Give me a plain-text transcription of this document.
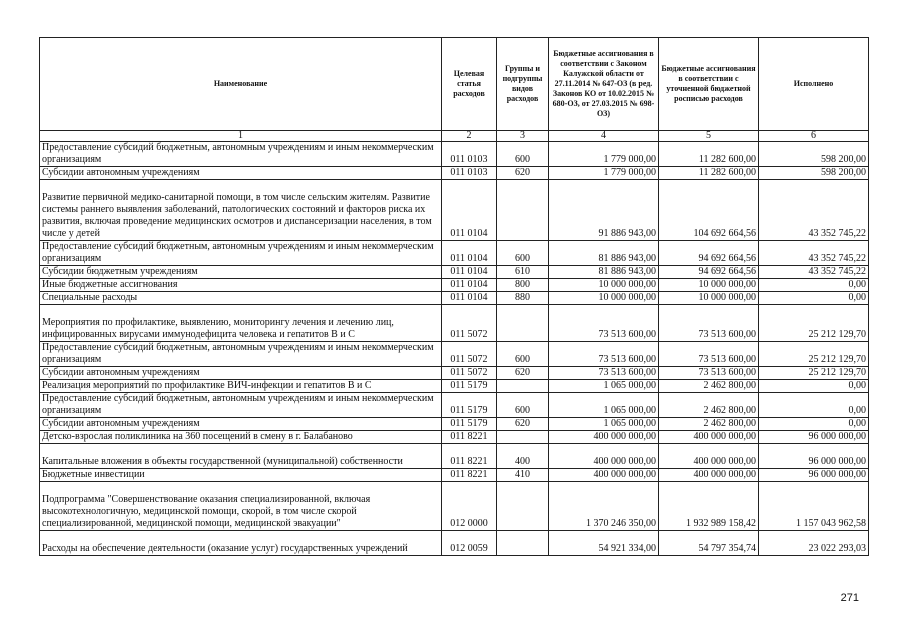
Наименование	Целевая статья расходов	Группы и подгруппы видов расходов	Бюджетные ассигнования в соответствии с Законом Калужской области от 27.11.2014 № 647-ОЗ (в ред. Законов КО от 10.02.2015 № 680-ОЗ, от 27.03.2015 № 698-ОЗ)	Бюджетные ассигнования в соответствии с уточненной бюджетной росписью расходов	Исполнено
1	2	3	4	5	6
Предоставление субсидий бюджетным, автономным учреждениям и иным некоммерческим организациям	011 0103	600	1 779 000,00	11 282 600,00	598 200,00
Субсидии автономным учреждениям	011 0103	620	1 779 000,00	11 282 600,00	598 200,00
Развитие первичной медико-санитарной помощи, в том числе сельским жителям. Развитие системы раннего выявления заболеваний, патологических состояний и факторов риска их развития, включая проведение медицинских осмотров и диспансеризации населения, в том числе у детей	011 0104		91 886 943,00	104 692 664,56	43 352 745,22
Предоставление субсидий бюджетным, автономным учреждениям и иным некоммерческим организациям	011 0104	600	81 886 943,00	94 692 664,56	43 352 745,22
Субсидии бюджетным учреждениям	011 0104	610	81 886 943,00	94 692 664,56	43 352 745,22
Иные бюджетные ассигнования	011 0104	800	10 000 000,00	10 000 000,00	0,00
Специальные расходы	011 0104	880	10 000 000,00	10 000 000,00	0,00
Мероприятия по профилактике, выявлению, мониторингу лечения и лечению лиц, инфицированных вирусами иммунодефицита человека и гепатитов В и С	011 5072		73 513 600,00	73 513 600,00	25 212 129,70
Предоставление субсидий бюджетным, автономным учреждениям и иным некоммерческим организациям	011 5072	600	73 513 600,00	73 513 600,00	25 212 129,70
Субсидии автономным учреждениям	011 5072	620	73 513 600,00	73 513 600,00	25 212 129,70
Реализация мероприятий по профилактике ВИЧ-инфекции и гепатитов В и С	011 5179		1 065 000,00	2 462 800,00	0,00
Предоставление субсидий бюджетным, автономным учреждениям и иным некоммерческим организациям	011 5179	600	1 065 000,00	2 462 800,00	0,00
Субсидии автономным учреждениям	011 5179	620	1 065 000,00	2 462 800,00	0,00
Детско-взрослая поликлиника на 360 посещений в смену в г. Балабаново	011 8221		400 000 000,00	400 000 000,00	96 000 000,00
Капитальные вложения в объекты государственной (муниципальной) собственности	011 8221	400	400 000 000,00	400 000 000,00	96 000 000,00
Бюджетные инвестиции	011 8221	410	400 000 000,00	400 000 000,00	96 000 000,00
Подпрограмма "Совершенствование оказания специализированной, включая высокотехнологичную, медицинской помощи, скорой, в том числе скорой специализированной, медицинской помощи, медицинской эвакуации"	012 0000		1 370 246 350,00	1 932 989 158,42	1 157 043 962,58
Расходы на обеспечение деятельности (оказание услуг) государственных учреждений	012 0059		54 921 334,00	54 797 354,74	23 022 293,03
271
